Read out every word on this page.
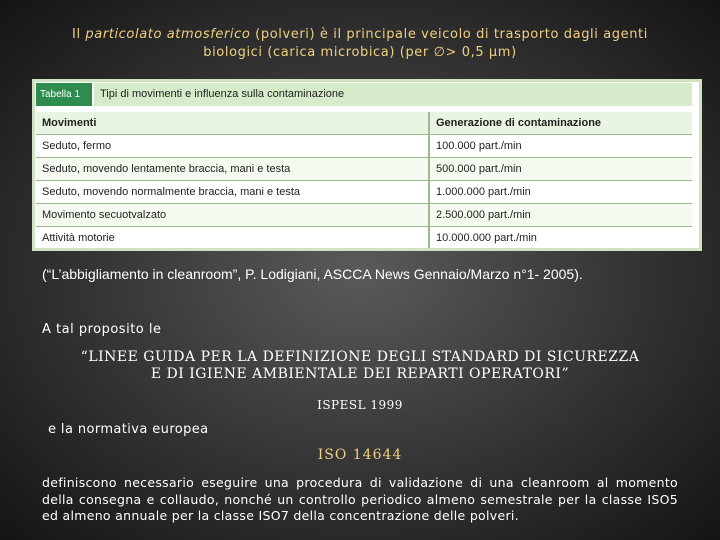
Il particolato atmosferico (polveri) è il principale veicolo di trasporto dagli agenti
biologici (carica microbica) (per ∅> 0,5 μm)
Tabella 1	Tipi di movimenti e influenza sulla contaminazione
Movimenti	Generazione di contaminazione
Seduto, fermo	100.000 part./min
Seduto, movendo lentamente braccia, mani e testa	500.000 part./min
Seduto, movendo normalmente braccia, mani e testa	1.000.000 part./min
Movimento secuotvalzato	2.500.000 part./min
Attività motorie	10.000.000 part./min
(“L’abbigliamento in cleanroom”, P. Lodigiani, ASCCA News Gennaio/Marzo n°1- 2005).
A tal proposito le
“LINEE GUIDA PER LA DEFINIZIONE DEGLI STANDARD DI SICUREZZA
E DI IGIENE AMBIENTALE DEI REPARTI OPERATORI”
ISPESL 1999
e la normativa europea
ISO 14644
definiscono necessario eseguire una procedura di validazione di una cleanroom al momento della consegna e collaudo, nonché un controllo periodico almeno semestrale per la classe ISO5 ed almeno annuale per la classe ISO7 della concentrazione delle polveri.
